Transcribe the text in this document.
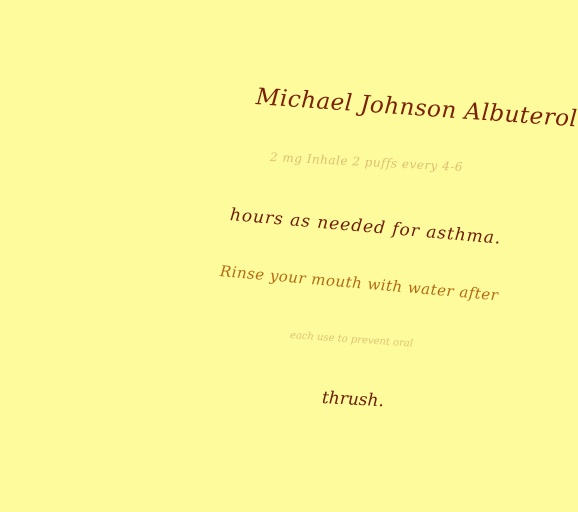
Michael Johnson Albuterol
2 mg Inhale 2 puffs every 4-6
hours as needed for asthma.
Rinse your mouth with water after
each use to prevent oral
thrush.
